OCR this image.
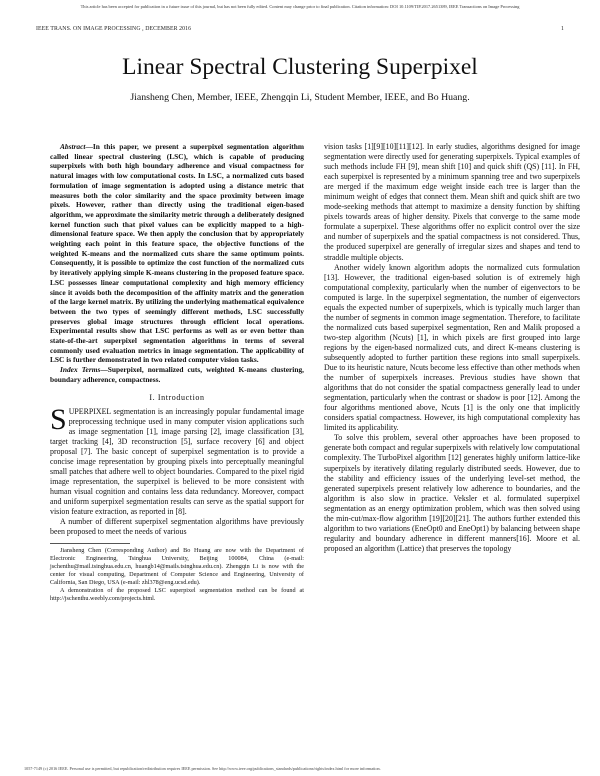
This article has been accepted for publication in a future issue of this journal, but has not been fully edited. Content may change prior to final publication. Citation information: DOI 10.1109/TIP.2017.2651389, IEEE Transactions on Image Processing
IEEE TRANS. ON IMAGE PROCESSING , DECEMBER 2016	1
Linear Spectral Clustering Superpixel
Jiansheng Chen, Member, IEEE, Zhengqin Li, Student Member, IEEE, and Bo Huang.

Abstract—In this paper, we present a superpixel segmentation algorithm called linear spectral clustering (LSC), which is capable of producing superpixels with both high boundary adherence and visual compactness for natural images with low computational costs. In LSC, a normalized cuts based formulation of image segmentation is adopted using a distance metric that measures both the color similarity and the space proximity between image pixels. However, rather than directly using the traditional eigen-based algorithm, we approximate the similarity metric through a deliberately designed kernel function such that pixel values can be explicitly mapped to a high-dimensional feature space. We then apply the conclusion that by appropriately weighting each point in this feature space, the objective functions of the weighted K-means and the normalized cuts share the same optimum points. Consequently, it is possible to optimize the cost function of the normalized cuts by iteratively applying simple K-means clustering in the proposed feature space. LSC possesses linear computational complexity and high memory efficiency since it avoids both the decomposition of the affinity matrix and the generation of the large kernel matrix. By utilizing the underlying mathematical equivalence between the two types of seemingly different methods, LSC successfully preserves global image structures through efficient local operations. Experimental results show that LSC performs as well as or even better than state-of-the-art superpixel segmentation algorithms in terms of several commonly used evaluation metrics in image segmentation. The applicability of LSC is further demonstrated in two related computer vision tasks.

Index Terms—Superpixel, normalized cuts, weighted K-means clustering, boundary adherence, compactness.

I. Introduction

SUPERPIXEL segmentation is an increasingly popular fundamental image preprocessing technique used in many computer vision applications such as image segmentation [1], image parsing [2], image classification [3], target tracking [4], 3D reconstruction [5], surface recovery [6] and object proposal [7]. The basic concept of superpixel segmentation is to provide a concise image representation by grouping pixels into perceptually meaningful small patches that adhere well to object boundaries. Compared to the pixel rigid image representation, the superpixel is believed to be more consistent with human visual cognition and contains less data redundancy. Moreover, compact and uniform superpixel segmentation results can serve as the spatial support for vision feature extraction, as reported in [8].

A number of different superpixel segmentation algorithms have previously been proposed to meet the needs of various

Jiansheng Chen (Corresponding Author) and Bo Huang are now with the Department of Electronic Engineering, Tsinghua University, Beijing 100084, China (e-mail: jschenthu@mail.tsinghua.edu.cn, huangb14@mails.tsinghua.edu.cn). Zhengqin Li is now with the center for visual computing, Department of Computer Science and Engineering, University of California, San Diego, USA (e-mail: zhl378@eng.ucsd.edu).

A demonstration of the proposed LSC superpixel segmentation method can be found at http://jschenthu.weebly.com/projects.html.

vision tasks [1][9][10][11][12]. In early studies, algorithms designed for image segmentation were directly used for generating superpixels. Typical examples of such methods include FH [9], mean shift [10] and quick shift (QS) [11]. In FH, each superpixel is represented by a minimum spanning tree and two superpixels are merged if the maximum edge weight inside each tree is larger than the minimum weight of edges that connect them. Mean shift and quick shift are two mode-seeking methods that attempt to maximize a density function by shifting pixels towards areas of higher density. Pixels that converge to the same mode formulate a superpixel. These algorithms offer no explicit control over the size and number of superpixels and the spatial compactness is not considered. Thus, the produced superpixel are generally of irregular sizes and shapes and tend to straddle multiple objects.

Another widely known algorithm adopts the normalized cuts formulation [13]. However, the traditional eigen-based solution is of extremely high computational complexity, particularly when the number of eigenvectors to be computed is large. In the superpixel segmentation, the number of eigenvectors equals the expected number of superpixels, which is typically much larger than the number of segments in common image segmentation. Therefore, to facilitate the normalized cuts based superpixel segmentation, Ren and Malik proposed a two-step algorithm (Ncuts) [1], in which pixels are first grouped into large regions by the eigen-based normalized cuts, and direct K-means clustering is subsequently adopted to further partition these regions into small superpixels. Due to its heuristic nature, Ncuts become less effective than other methods when the number of superpixels increases. Previous studies have shown that algorithms that do not consider the spatial compactness generally lead to under segmentation, particularly when the contrast or shadow is poor [12]. Among the four algorithms mentioned above, Ncuts [1] is the only one that implicitly considers spatial compactness. However, its high computational complexity has limited its applicability.

To solve this problem, several other approaches have been proposed to generate both compact and regular superpixels with relatively low computational complexity. The TurboPixel algorithm [12] generates highly uniform lattice-like superpixels by iteratively dilating regularly distributed seeds. However, due to the stability and efficiency issues of the underlying level-set method, the generated superpixels present relatively low adherence to boundaries, and the algorithm is also slow in practice. Veksler et al. formulated superpixel segmentation as an energy optimization problem, which was then solved using the min-cut/max-flow algorithm [19][20][21]. The authors further extended this algorithm to two variations (EneOpt0 and EneOpt1) by balancing between shape regularity and boundary adherence in different manners[16]. Moore et al. proposed an algorithm (Lattice) that preserves the topology

1057-7149 (c) 2016 IEEE. Personal use is permitted, but republication/redistribution requires IEEE permission. See http://www.ieee.org/publications_standards/publications/rights/index.html for more information.
